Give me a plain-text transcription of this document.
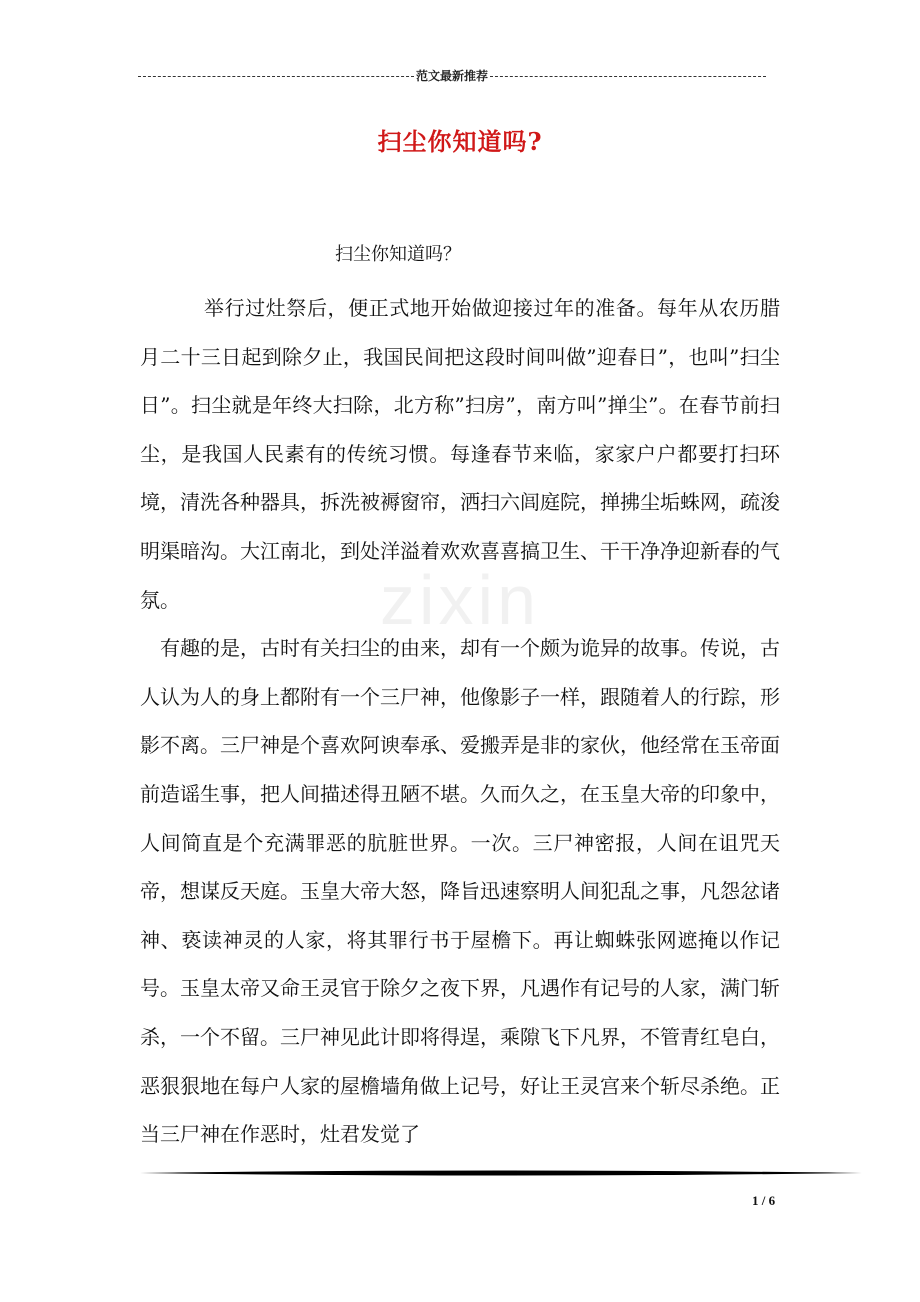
范文最新推荐
扫尘你知道吗?
zixin

扫尘你知道吗？

举行过灶祭后，便正式地开始做迎接过年的准备。每年从农历腊月二十三日起到除夕止，我国民间把这段时间叫做”迎春日”，也叫”扫尘日”。扫尘就是年终大扫除，北方称”扫房”，南方叫”掸尘”。在春节前扫尘，是我国人民素有的传统习惯。每逢春节来临，家家户户都要打扫环境，清洗各种器具，拆洗被褥窗帘，洒扫六闾庭院，掸拂尘垢蛛网，疏浚明渠暗沟。大江南北，到处洋溢着欢欢喜喜搞卫生、干干净净迎新春的气氛。

有趣的是，古时有关扫尘的由来，却有一个颇为诡异的故事。传说，古人认为人的身上都附有一个三尸神，他像影子一样，跟随着人的行踪，形影不离。三尸神是个喜欢阿谀奉承、爱搬弄是非的家伙，他经常在玉帝面前造谣生事，把人间描述得丑陋不堪。久而久之，在玉皇大帝的印象中，人间简直是个充满罪恶的肮脏世界。一次。三尸神密报，人间在诅咒天帝，想谋反天庭。玉皇大帝大怒，降旨迅速察明人间犯乱之事，凡怨忿诸神、亵读神灵的人家，将其罪行书于屋檐下。再让蜘蛛张网遮掩以作记号。玉皇太帝又命王灵官于除夕之夜下界，凡遇作有记号的人家，满门斩杀，一个不留。三尸神见此计即将得逞，乘隙飞下凡界，不管青红皂白，恶狠狠地在每户人家的屋檐墙角做上记号，好让王灵宫来个斩尽杀绝。正当三尸神在作恶时，灶君发觉了

1 / 6
